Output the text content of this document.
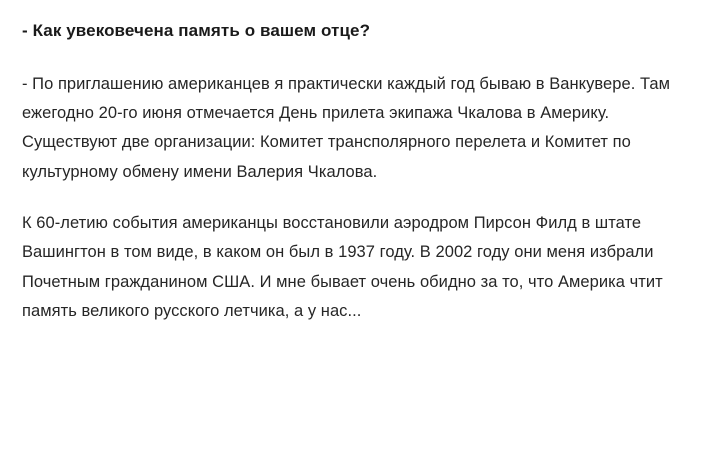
- Как увековечена память о вашем отце?

- По приглашению американцев я практически каждый год бываю в Ванкувере. Там ежегодно 20-го июня отмечается День прилета экипажа Чкалова в Америку. Существуют две организации: Комитет трансполярного перелета и Комитет по культурному обмену имени Валерия Чкалова.

К 60-летию события американцы восстановили аэродром Пирсон Филд в штате Вашингтон в том виде, в каком он был в 1937 году. В 2002 году они меня избрали Почетным гражданином США. И мне бывает очень обидно за то, что Америка чтит память великого русского летчика, а у нас...
